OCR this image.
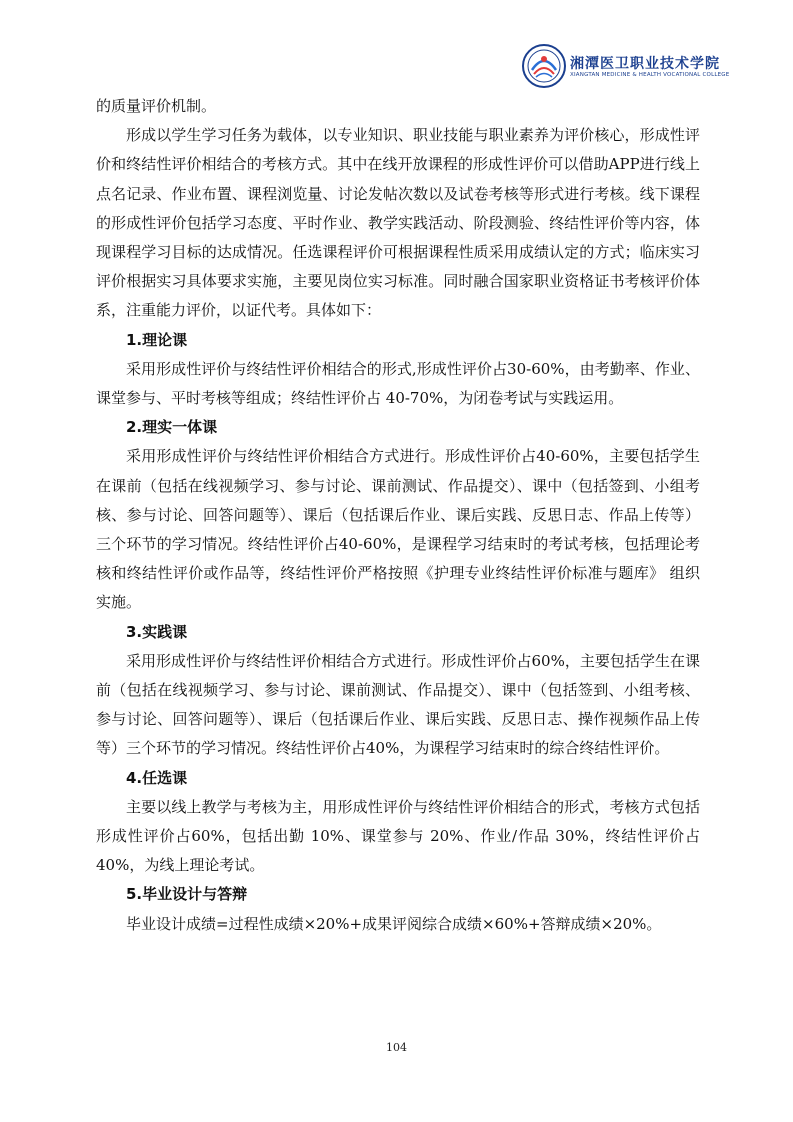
湘潭医卫职业技术学院
XIANGTAN MEDICINE & HEALTH VOCATIONAL COLLEGE

的质量评价机制。

形成以学生学习任务为载体，以专业知识、职业技能与职业素养为评价核心，形成性评价和终结性评价相结合的考核方式。其中在线开放课程的形成性评价可以借助APP进行线上点名记录、作业布置、课程浏览量、讨论发帖次数以及试卷考核等形式进行考核。线下课程的形成性评价包括学习态度、平时作业、教学实践活动、阶段测验、终结性评价等内容，体现课程学习目标的达成情况。任选课程评价可根据课程性质采用成绩认定的方式；临床实习评价根据实习具体要求实施，主要见岗位实习标准。同时融合国家职业资格证书考核评价体系，注重能力评价，以证代考。具体如下：

1.理论课

采用形成性评价与终结性评价相结合的形式,形成性评价占30-60%，由考勤率、作业、课堂参与、平时考核等组成；终结性评价占 40-70%，为闭卷考试与实践运用。

2.理实一体课

采用形成性评价与终结性评价相结合方式进行。形成性评价占40-60%，主要包括学生在课前（包括在线视频学习、参与讨论、课前测试、作品提交）、课中（包括签到、小组考核、参与讨论、回答问题等）、课后（包括课后作业、课后实践、反思日志、作品上传等）三个环节的学习情况。终结性评价占40-60%，是课程学习结束时的考试考核，包括理论考核和终结性评价或作品等，终结性评价严格按照《护理专业终结性评价标准与题库》 组织实施。

3.实践课

采用形成性评价与终结性评价相结合方式进行。形成性评价占60%，主要包括学生在课前（包括在线视频学习、参与讨论、课前测试、作品提交）、课中（包括签到、小组考核、参与讨论、回答问题等）、课后（包括课后作业、课后实践、反思日志、操作视频作品上传等）三个环节的学习情况。终结性评价占40%，为课程学习结束时的综合终结性评价。

4.任选课

主要以线上教学与考核为主，用形成性评价与终结性评价相结合的形式，考核方式包括形成性评价占60%，包括出勤 10%、课堂参与 20%、作业/作品 30%，终结性评价占40%，为线上理论考试。

5.毕业设计与答辩

毕业设计成绩=过程性成绩×20%+成果评阅综合成绩×60%+答辩成绩×20%。

104
